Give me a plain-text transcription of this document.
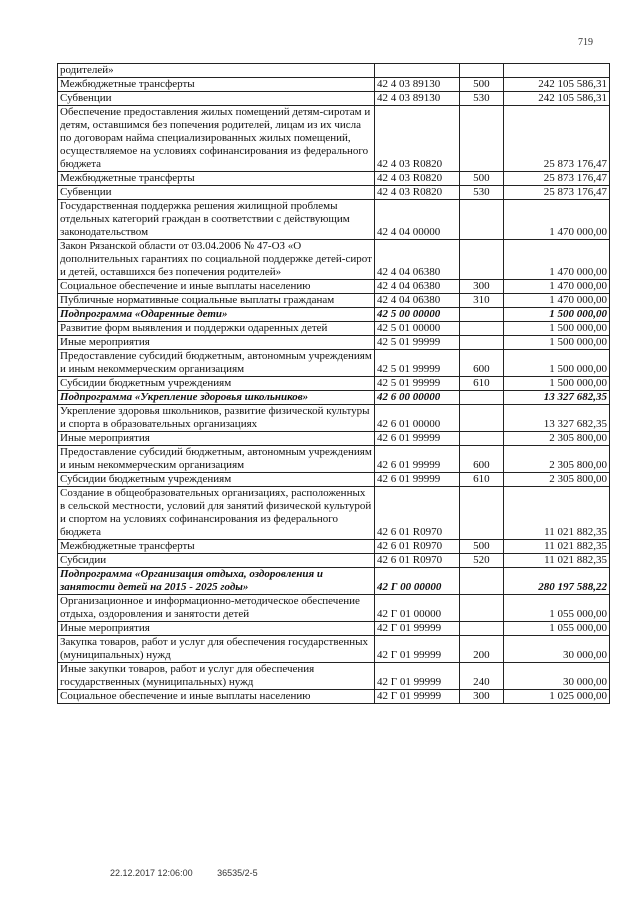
719
родителей»			
Межбюджетные трансферты	42 4 03 89130	500	242 105 586,31
Субвенции	42 4 03 89130	530	242 105 586,31
Обеспечение предоставления жилых помещений детям-сиротам и детям, оставшимся без попечения родителей, лицам из их числа по договорам найма специализированных жилых помещений, осуществляемое на условиях софинансирования из федерального бюджета	42 4 03 R0820		25 873 176,47
Межбюджетные трансферты	42 4 03 R0820	500	25 873 176,47
Субвенции	42 4 03 R0820	530	25 873 176,47
Государственная поддержка решения жилищной проблемы отдельных категорий граждан в соответствии с действующим законодательством	42 4 04 00000		1 470 000,00
Закон Рязанской области от 03.04.2006 № 47-ОЗ «О дополнительных гарантиях по социальной поддержке детей-сирот и детей, оставшихся без попечения родителей»	42 4 04 06380		1 470 000,00
Социальное обеспечение и иные выплаты населению	42 4 04 06380	300	1 470 000,00
Публичные нормативные социальные выплаты гражданам	42 4 04 06380	310	1 470 000,00
Подпрограмма «Одаренные дети»	42 5 00 00000		1 500 000,00
Развитие форм выявления и поддержки одаренных детей	42 5 01 00000		1 500 000,00
Иные мероприятия	42 5 01 99999		1 500 000,00
Предоставление субсидий бюджетным, автономным учреждениям и иным некоммерческим организациям	42 5 01 99999	600	1 500 000,00
Субсидии бюджетным учреждениям	42 5 01 99999	610	1 500 000,00
Подпрограмма «Укрепление здоровья школьников»	42 6 00 00000		13 327 682,35
Укрепление здоровья школьников, развитие физической культуры и спорта в образовательных организациях	42 6 01 00000		13 327 682,35
Иные мероприятия	42 6 01 99999		2 305 800,00
Предоставление субсидий бюджетным, автономным учреждениям и иным некоммерческим организациям	42 6 01 99999	600	2 305 800,00
Субсидии бюджетным учреждениям	42 6 01 99999	610	2 305 800,00
Создание в общеобразовательных организациях, расположенных в сельской местности, условий для занятий физической культурой и спортом на условиях софинансирования из федерального бюджета	42 6 01 R0970		11 021 882,35
Межбюджетные трансферты	42 6 01 R0970	500	11 021 882,35
Субсидии	42 6 01 R0970	520	11 021 882,35
Подпрограмма «Организация отдыха, оздоровления и занятости детей на 2015 - 2025 годы»	42 Г 00 00000		280 197 588,22
Организационное и информационно-методическое обеспечение отдыха, оздоровления и занятости детей	42 Г 01 00000		1 055 000,00
Иные мероприятия	42 Г 01 99999		1 055 000,00
Закупка товаров, работ и услуг для обеспечения государственных (муниципальных) нужд	42 Г 01 99999	200	30 000,00
Иные закупки товаров, работ и услуг для обеспечения государственных (муниципальных) нужд	42 Г 01 99999	240	30 000,00
Социальное обеспечение и иные выплаты населению	42 Г 01 99999	300	1 025 000,00
22.12.2017 12:06:00	36535/2-5
